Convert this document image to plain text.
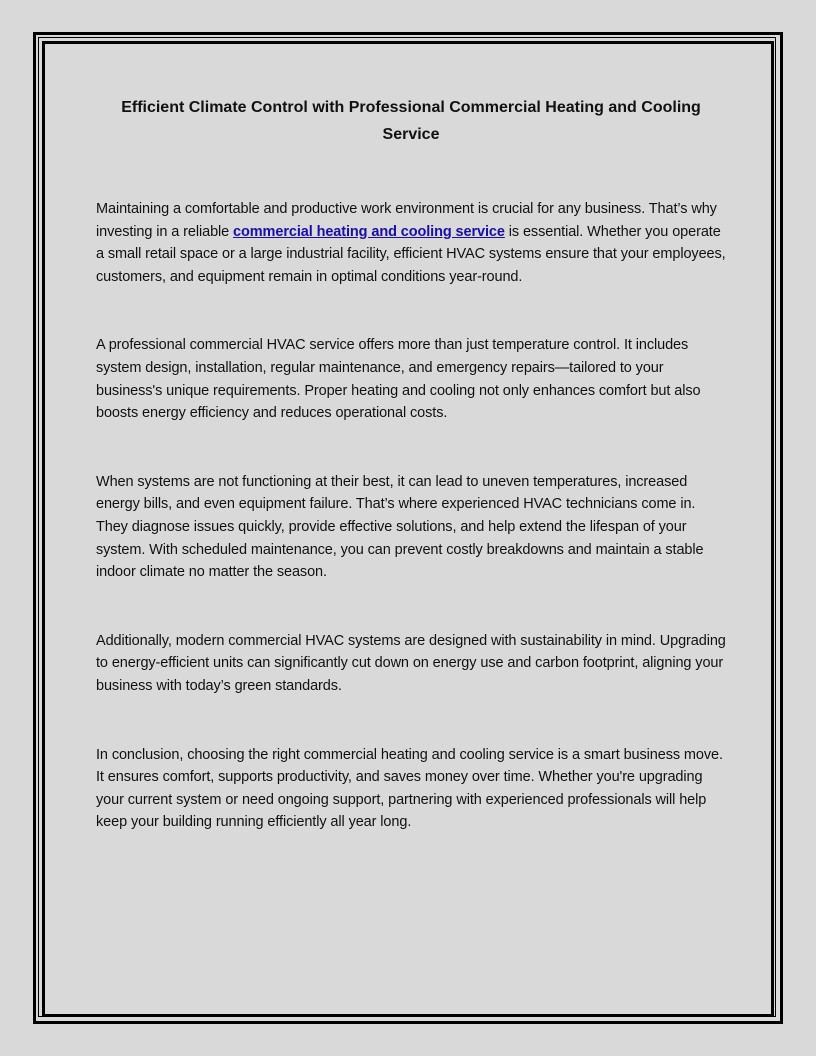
Efficient Climate Control with Professional Commercial Heating and Cooling Service

Maintaining a comfortable and productive work environment is crucial for any business. That’s why investing in a reliable commercial heating and cooling service is essential. Whether you operate a small retail space or a large industrial facility, efficient HVAC systems ensure that your employees, customers, and equipment remain in optimal conditions year-round.

A professional commercial HVAC service offers more than just temperature control. It includes system design, installation, regular maintenance, and emergency repairs—tailored to your business's unique requirements. Proper heating and cooling not only enhances comfort but also boosts energy efficiency and reduces operational costs.

When systems are not functioning at their best, it can lead to uneven temperatures, increased energy bills, and even equipment failure. That’s where experienced HVAC technicians come in. They diagnose issues quickly, provide effective solutions, and help extend the lifespan of your system. With scheduled maintenance, you can prevent costly breakdowns and maintain a stable indoor climate no matter the season.

Additionally, modern commercial HVAC systems are designed with sustainability in mind. Upgrading to energy-efficient units can significantly cut down on energy use and carbon footprint, aligning your business with today’s green standards.

In conclusion, choosing the right commercial heating and cooling service is a smart business move. It ensures comfort, supports productivity, and saves money over time. Whether you're upgrading your current system or need ongoing support, partnering with experienced professionals will help keep your building running efficiently all year long.
